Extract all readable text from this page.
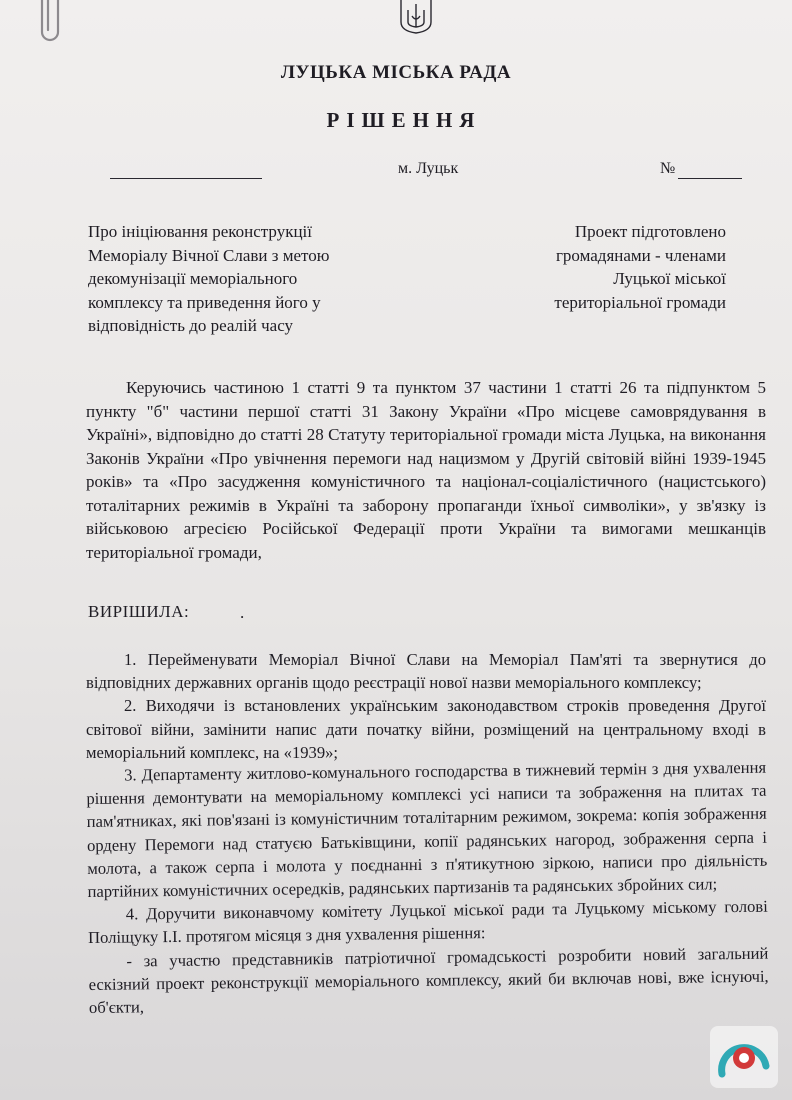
ЛУЦЬКА МІСЬКА РАДА
РІШЕННЯ
м. Луцьк	№
Про ініціювання реконструкції
Меморіалу Вічної Слави з метою
декомунізації меморіального
комплексу та приведення його у
відповідність до реалій часу
Проект підготовлено
громадянами - членами
Луцької міської
територіальної громади

Керуючись частиною 1 статті 9 та пунктом 37 частини 1 статті 26 та підпунктом 5 пункту "б" частини першої статті 31 Закону України «Про місцеве самоврядування в Україні», відповідно до статті 28 Статуту територіальної громади міста Луцька, на виконання Законів України «Про увічнення перемоги над нацизмом у Другій світовій війні 1939-1945 років» та «Про засудження комуністичного та націонал-соціалістичного (нацистського) тоталітарних режимів в Україні та заборону пропаганди їхньої символіки», у зв'язку із військовою агресією Російської Федерації проти України та вимогами мешканців територіальної громади,

ВИРІШИЛА:	.

1. Перейменувати Меморіал Вічної Слави на Меморіал Пам'яті та звернутися до відповідних державних органів щодо реєстрації нової назви меморіального комплексу;

2. Виходячи із встановлених українським законодавством строків проведення Другої світової війни, замінити напис дати початку війни, розміщений на центральному вході в меморіальний комплекс, на «1939»;

3. Департаменту житлово-комунального господарства в тижневий термін з дня ухвалення рішення демонтувати на меморіальному комплексі усі написи та зображення на плитах та пам'ятниках, які пов'язані із комуністичним тоталітарним режимом, зокрема: копія зображення ордену Перемоги над статуєю Батьківщини, копії радянських нагород, зображення серпа і молота, а також серпа і молота у поєднанні з п'ятикутною зіркою, написи про діяльність партійних комуністичних осередків, радянських партизанів та радянських збройних сил;

4. Доручити виконавчому комітету Луцької міської ради та Луцькому міському голові Поліщуку І.І. протягом місяця з дня ухвалення рішення:

- за участю представників патріотичної громадськості розробити новий загальний ескізний проект реконструкції меморіального комплексу, який би включав нові, вже існуючі, об'єкти,
